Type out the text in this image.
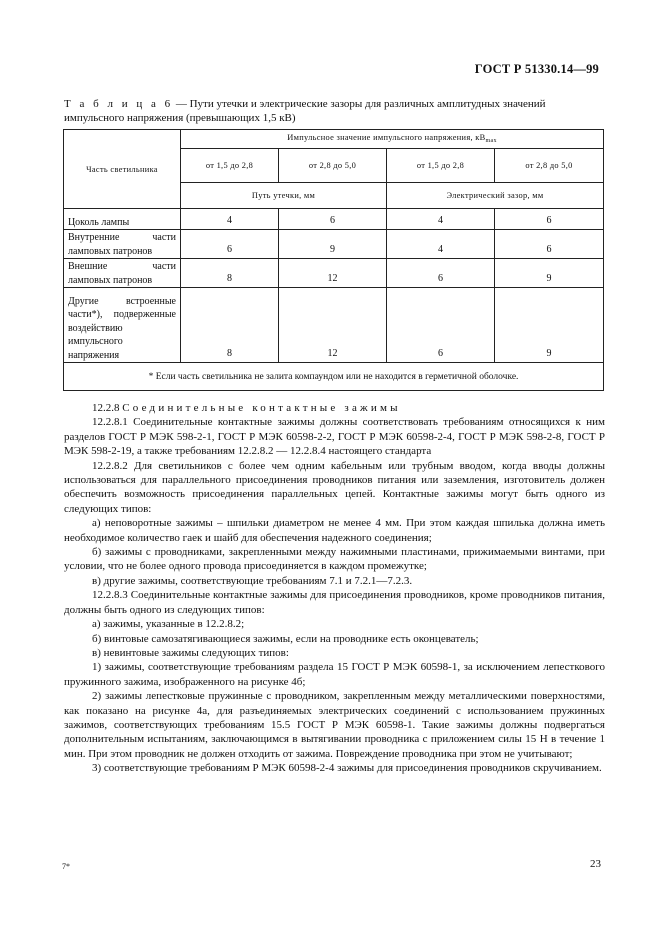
ГОСТ Р 51330.14—99
Т а б л и ц а 6 — Пути утечки и электрические зазоры для различных амплитудных значений импульсного напряжения (превышающих 1,5 кВ)
Часть светильника	Импульсное значение импульсного напряжения, $кВ_{max}$
	от 1,5 до 2,8	от 2,8 до 5,0	от 1,5 до 2,8	от 2,8 до 5,0
	Путь утечки, мм		Электрический зазор, мм	
Цоколь лампы	4	6	4	6
Внутренние части ламповых патронов	6	9	4	6
Внешние части ламповых патронов	8	12	6	9
Другие встроенные части*), подверженные воздействию импульсного напряжения	8	12	6	9
* Если часть светильника не залита компаундом или не находится в герметичной оболочке.				

12.2.8 Соединительные контактные зажимы

12.2.8.1 Соединительные контактные зажимы должны соответствовать требованиям относящихся к ним разделов ГОСТ Р МЭК 598-2-1, ГОСТ Р МЭК 60598-2-2, ГОСТ Р МЭК 60598-2-4, ГОСТ Р МЭК 598-2-8, ГОСТ Р МЭК 598-2-19, а также требованиям 12.2.8.2 — 12.2.8.4 настоящего стандарта

12.2.8.2 Для светильников с более чем одним кабельным или трубным вводом, когда вводы должны использоваться для параллельного присоединения проводников питания или заземления, изготовитель должен обеспечить возможность присоединения параллельных цепей. Контактные зажимы могут быть одного из следующих типов:

а) неповоротные зажимы – шпильки диаметром не менее 4 мм. При этом каждая шпилька должна иметь необходимое количество гаек и шайб для обеспечения надежного соединения;

б) зажимы с проводниками, закрепленными между нажимными пластинами, прижимаемыми винтами, при условии, что не более одного провода присоединяется в каждом промежутке;

в) другие зажимы, соответствующие требованиям 7.1 и 7.2.1—7.2.3.

12.2.8.3 Соединительные контактные зажимы для присоединения проводников, кроме проводников питания, должны быть одного из следующих типов:

а) зажимы, указанные в 12.2.8.2;

б) винтовые самозатягивающиеся зажимы, если на проводнике есть оконцеватель;

в) невинтовые зажимы следующих типов:

1) зажимы, соответствующие требованиям раздела 15 ГОСТ Р МЭК 60598-1, за исключением лепесткового пружинного зажима, изображенного на рисунке 4б;

2) зажимы лепестковые пружинные с проводником, закрепленным между металлическими поверхностями, как показано на рисунке 4а, для разъединяемых электрических соединений с использованием пружинных зажимов, соответствующих требованиям 15.5 ГОСТ Р МЭК 60598-1. Такие зажимы должны подвергаться дополнительным испытаниям, заключающимся в вытягивании проводника с приложением силы 15 Н в течение 1 мин. При этом проводник не должен отходить от зажима. Повреждение проводника при этом не учитывают;

3) соответствующие требованиям Р МЭК 60598-2-4 зажимы для присоединения проводников скручиванием.

7*	23
